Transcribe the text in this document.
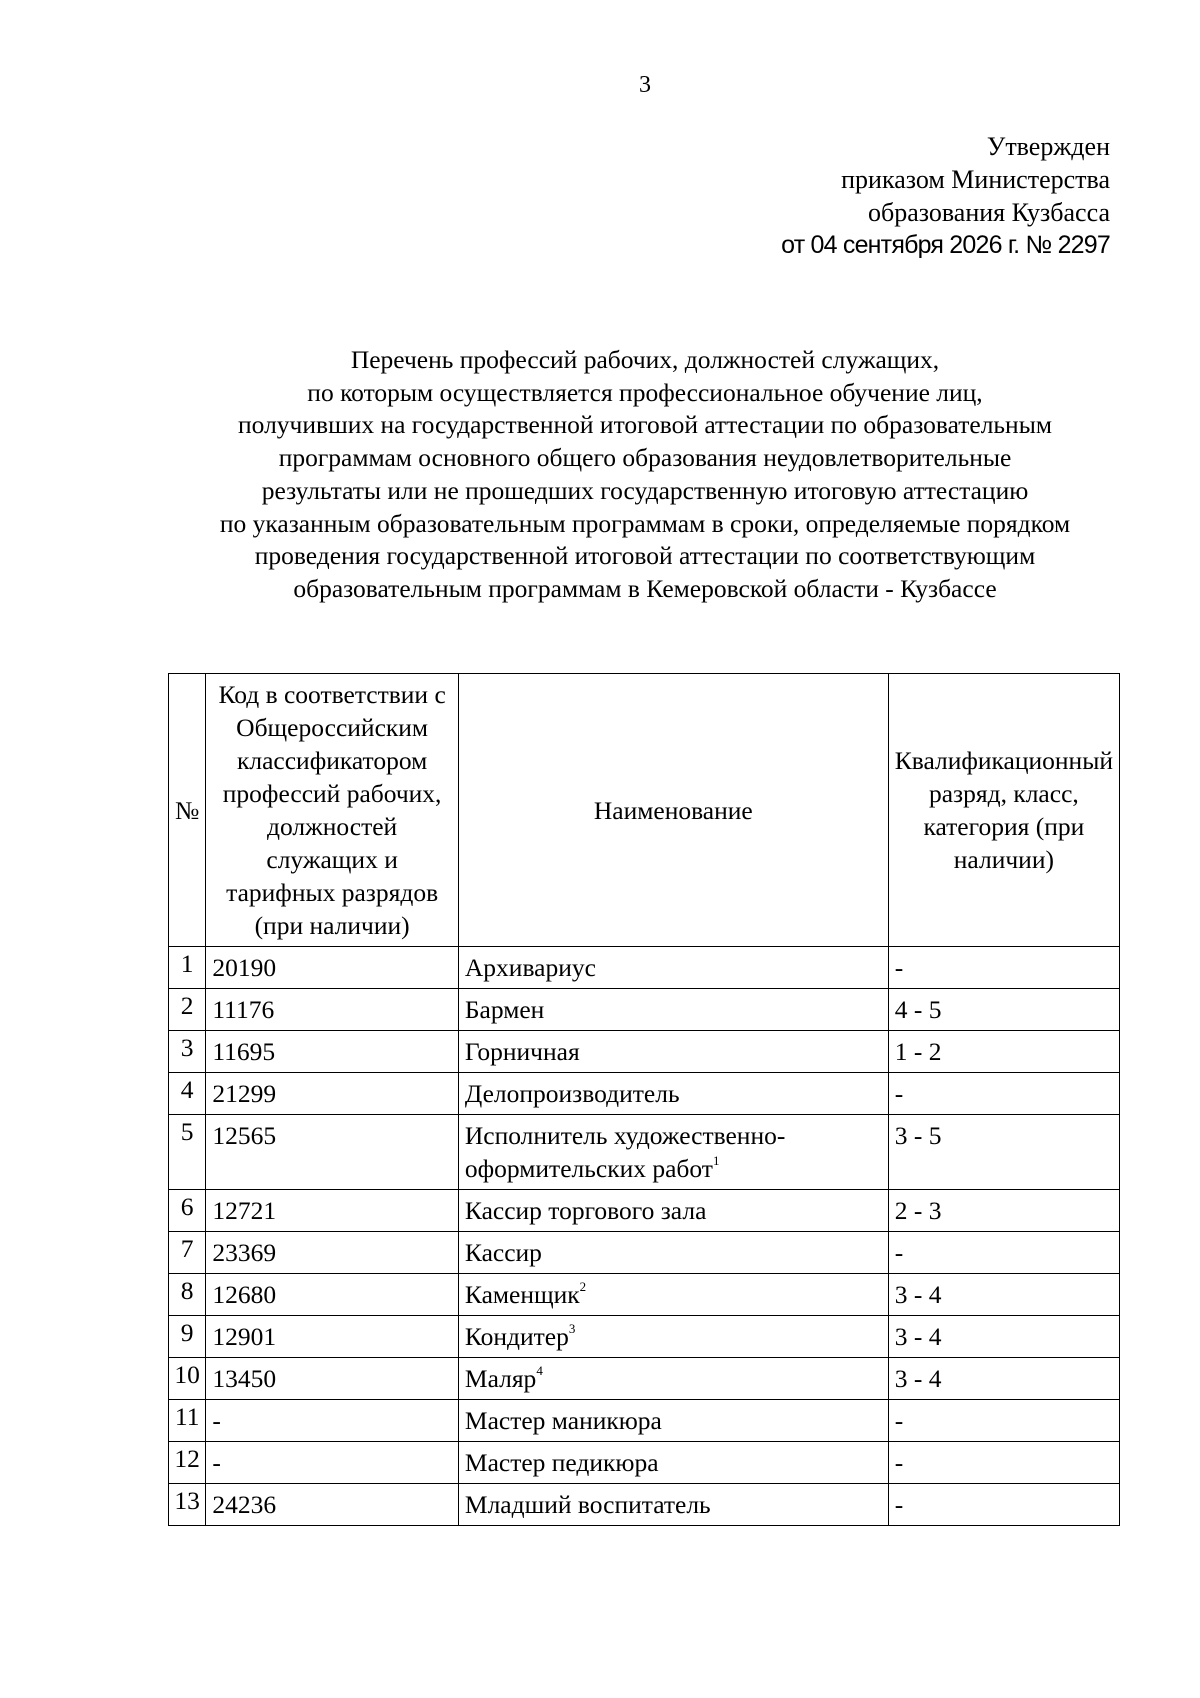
3
Утвержден
приказом Министерства
образования Кузбасса
от 04 сентября 2026 г. № 2297
Перечень профессий рабочих, должностей служащих,
по которым осуществляется профессиональное обучение лиц,
получивших на государственной итоговой аттестации по образовательным
программам основного общего образования неудовлетворительные
результаты или не прошедших государственную итоговую аттестацию
по указанным образовательным программам в сроки, определяемые порядком
проведения государственной итоговой аттестации по соответствующим
образовательным программам в Кемеровской области - Кузбассе
№	Код в соответствии с Общероссийским классификатором профессий рабочих, должностей служащих и тарифных разрядов (при наличии)	Наименование	Квалификационный разряд, класс, категория (при наличии)
1	20190	Архивариус	-
2	11176	Бармен	4 - 5
3	11695	Горничная	1 - 2
4	21299	Делопроизводитель	-
5	12565	Исполнитель художественно-оформительских работ$^1$	3 - 5
6	12721	Кассир торгового зала	2 - 3
7	23369	Кассир	-
8	12680	Каменщик$^2$	3 - 4
9	12901	Кондитер$^3$	3 - 4
10	13450	Маляр$^4$	3 - 4
11	-	Мастер маникюра	-
12	-	Мастер педикюра	-
13	24236	Младший воспитатель	-
